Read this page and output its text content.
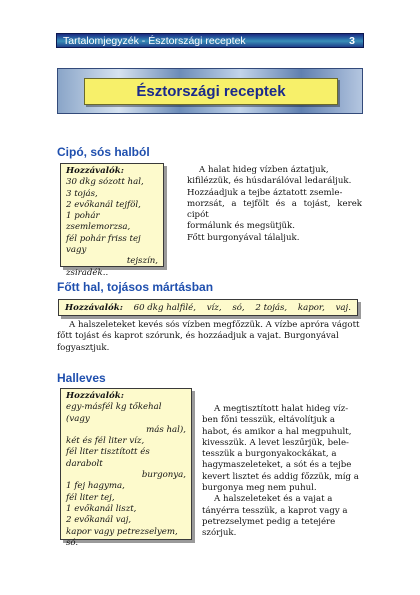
Tartalomjegyzék - Észtországi receptek	3
Észtországi receptek
Cipó, sós halból
Hozzávalók:
30 dkg sózott hal,
3 tojás,
2 evőkanál tejföl,
1 pohár zsemlemorzsa,
fél pohár friss tej vagy
tejszín,
zsiradék..

A halat hideg vízben áztatjuk,

kifilézzük, és húsdarálóval ledaráljuk.

Hozzáadjuk a tejbe áztatott zsemle-

morzsát, a tejfölt és a tojást, kerek cipót

formálunk és megsütjük.

Főtt burgonyával tálaljuk.

Főtt hal, tojásos mártásban
Hozzávalók: 60 dkg halfilé, víz, só, 2 tojás, kapor, vaj.

A halszeleteket kevés sós vízben megfőzzük. A vízbe apróra vágott

főtt tojást és kaprot szórunk, és hozzáadjuk a vajat. Burgonyával

fogyasztjuk.

Halleves
Hozzávalók:
egy-másfél kg tőkehal (vagy
más hal),
két és fél liter víz,
fél liter tisztított és darabolt
burgonya,
1 fej hagyma,
fél liter tej,
1 evőkanál liszt,
2 evőkanál vaj,
kapor vagy petrezselyem,
só.

A megtisztított halat hideg víz-

ben főni tesszük, eltávolítjuk a

habot, és amikor a hal megpuhult,

kivesszük. A levet leszűrjük, bele-

tesszük a burgonyakockákat, a

hagymaszeleteket, a sót és a tejbe

kevert lisztet és addig főzzük, míg a

burgonya meg nem puhul.

A halszeleteket és a vajat a

tányérra tesszük, a kaprot vagy a

petrezselymet pedig a tetejére

szórjuk.
